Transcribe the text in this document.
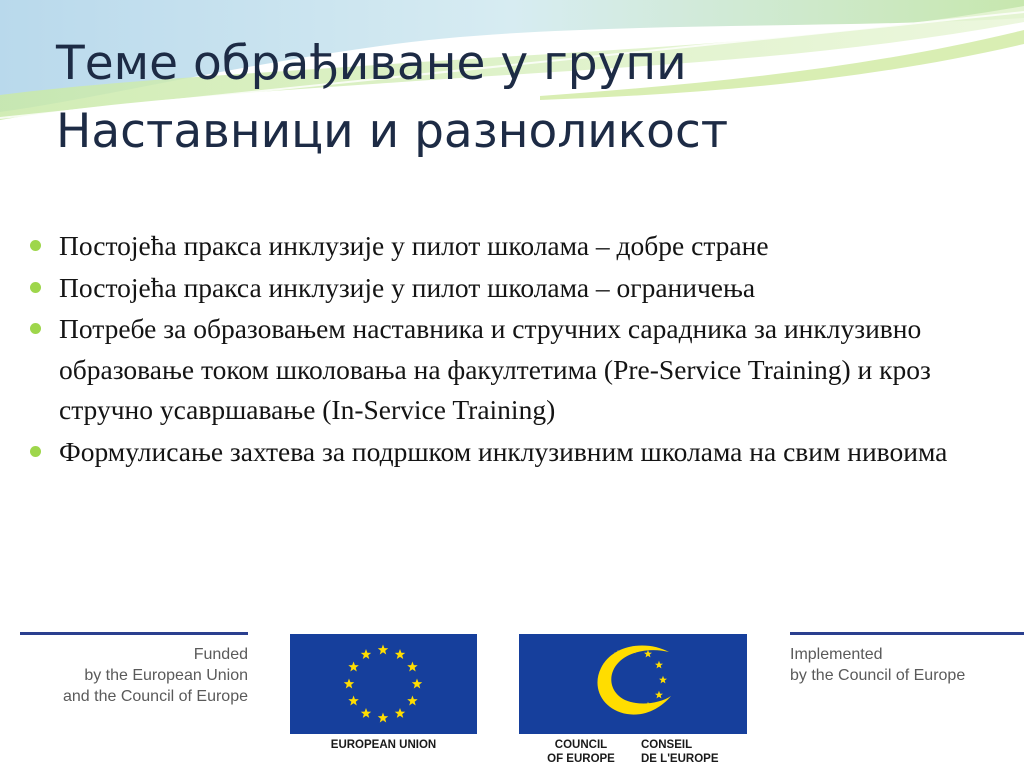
Теме обрађиване у групи
Наставници и разноликост
Постојећа пракса инклузије у пилот школама – добре стране
Постојећа пракса инклузије у пилот школама – ограничења
Потребе за образовањем наставника и стручних сарадника за инклузивно образовање током школовања на факултетима (Pre-Service Training) и кроз стручно усавршавање (In-Service Training)
Формулисање захтева за подршком инклузивним школама на свим нивоима
Funded
by the European Union
and the Council of Europe
EUROPEAN UNION	COUNCIL
OF EUROPE
CONSEIL
DE L'EUROPE
Implemented
by the Council of Europe
